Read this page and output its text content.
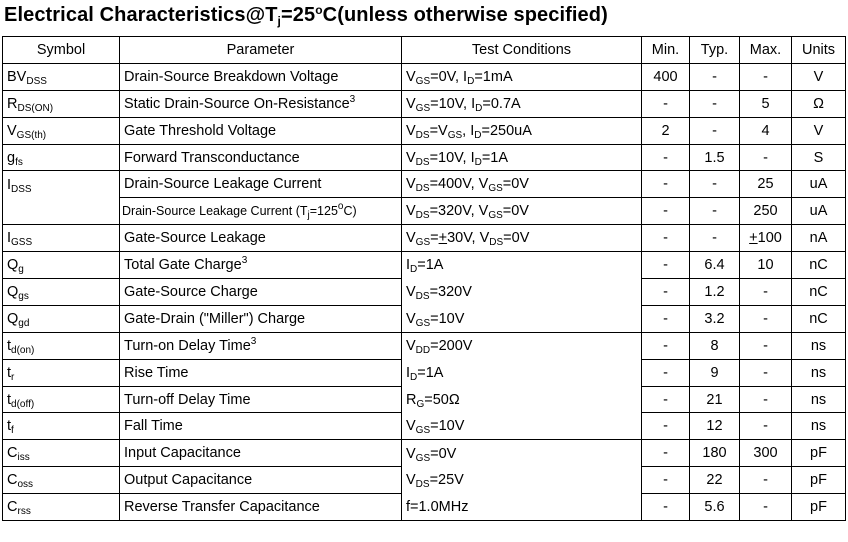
Electrical $Characteristics@T_j=25^oC(unless$ otherwise specified)
Symbol	Parameter	Test Conditions	Min.	Typ.	Max.	Units
$BV_{DSS}$	Drain-Source Breakdown Voltage	$V_{GS}=0V$, $I_D=1mA$	400	-	-	V
$R_{DS(ON)}$	Static Drain-Source On-Resistance$^3$	$V_{GS}=10V$, $I_D=0.7A$	-	-	5	Ω
$V_{GS(th)}$	Gate Threshold Voltage	$V_{DS}=V_{GS}$, $I_D=250uA$	2	-	4	V
$g_{fs}$	Forward Transconductance	$V_{DS}=10V$, $I_D=1A$	-	1.5	-	S
$I_{DSS}$	Drain-Source Leakage Current	$V_{DS}=400V$, $V_{GS}=0V$	-	-	25	uA
	Drain-Source Leakage Current $(T_j=125^oC)$	$V_{DS}=320V$, $V_{GS}=0V$	-	-	250	uA
$I_{GSS}$	Gate-Source Leakage	$V_{GS}=+30V$, $V_{DS}=0V$	-	-	+100	nA
$Q_g$	Total Gate Charge$^3$	$I_D=1A$	-	6.4	10	nC
$Q_{gs}$	Gate-Source Charge	$V_{DS}=320V$	-	1.2	-	nC
$Q_{gd}$	Gate-Drain ("Miller") Charge	$V_{GS}=10V$	-	3.2	-	nC
$t_{d(on)}$	Turn-on Delay Time$^3$	$V_{DD}=200V$	-	8	-	ns
$t_r$	Rise Time	$I_D=1A$	-	9	-	ns
$t_{d(off)}$	Turn-off Delay Time	$R_G=50\Omega$	-	21	-	ns
$t_f$	Fall Time	$V_{GS}=10V$	-	12	-	ns
$C_{iss}$	Input Capacitance	$V_{GS}=0V$	-	180	300	pF
$C_{oss}$	Output Capacitance	$V_{DS}=25V$	-	22	-	pF
$C_{rss}$	Reverse Transfer Capacitance	f=1.0MHz	-	5.6	-	pF
